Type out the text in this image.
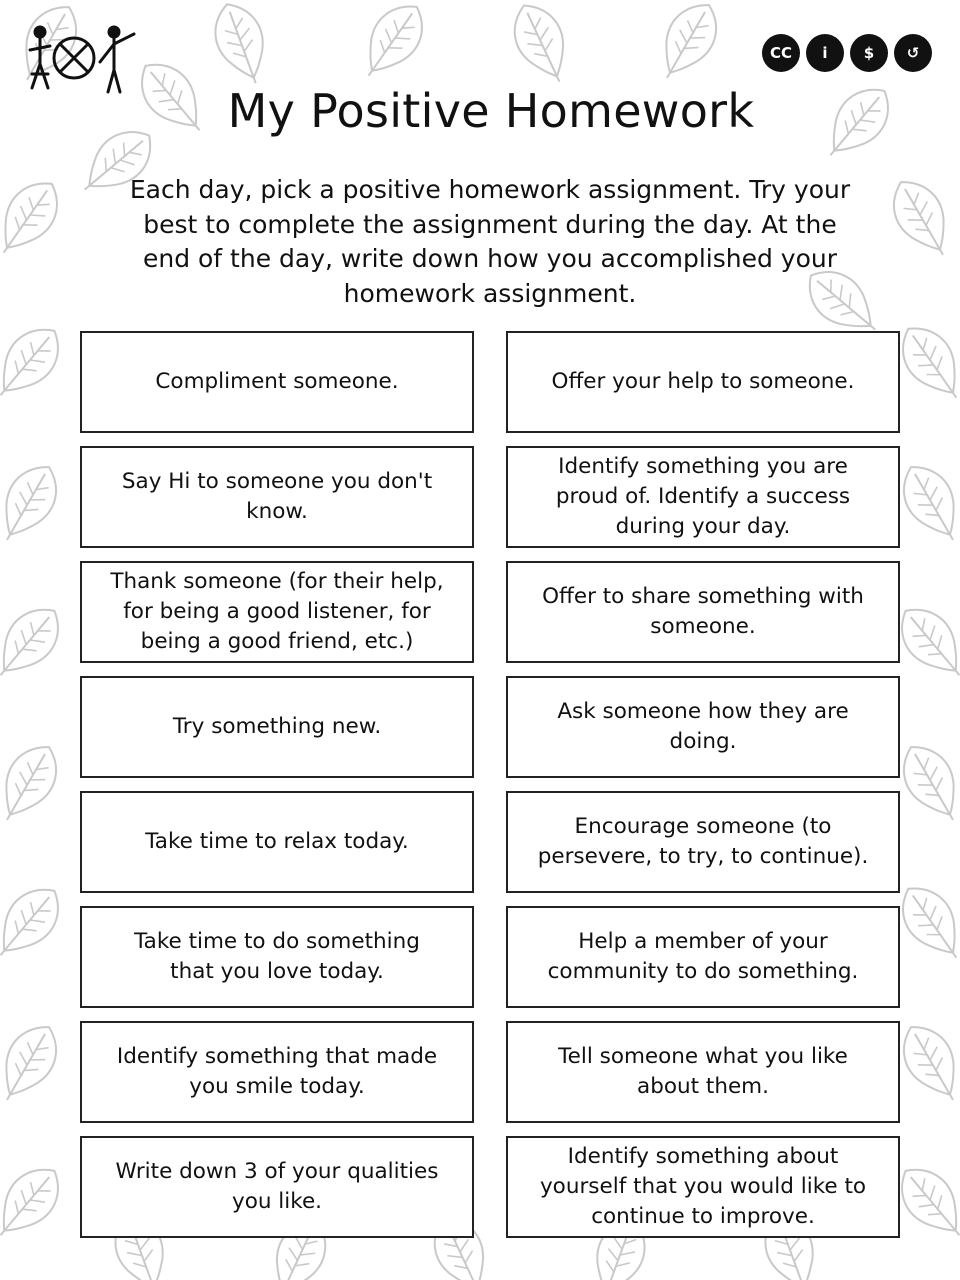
CC	i	$	↺
My Positive Homework
Each day, pick a positive homework assignment. Try your
best to complete the assignment during the day. At the
end of the day, write down how you accomplished your
homework assignment.
Compliment someone.	Offer your help to someone.
Say Hi to someone you don't
know.
Identify something you are
proud of. Identify a success
during your day.
Thank someone (for their help,
for being a good listener, for
being a good friend, etc.)
Offer to share something with
someone.
Try something new.
Ask someone how they are
doing.
Take time to relax today.
Encourage someone (to
persevere, to try, to continue).
Take time to do something
that you love today.
Help a member of your
community to do something.
Identify something that made
you smile today.
Tell someone what you like
about them.
Write down 3 of your qualities
you like.
Identify something about
yourself that you would like to
continue to improve.
